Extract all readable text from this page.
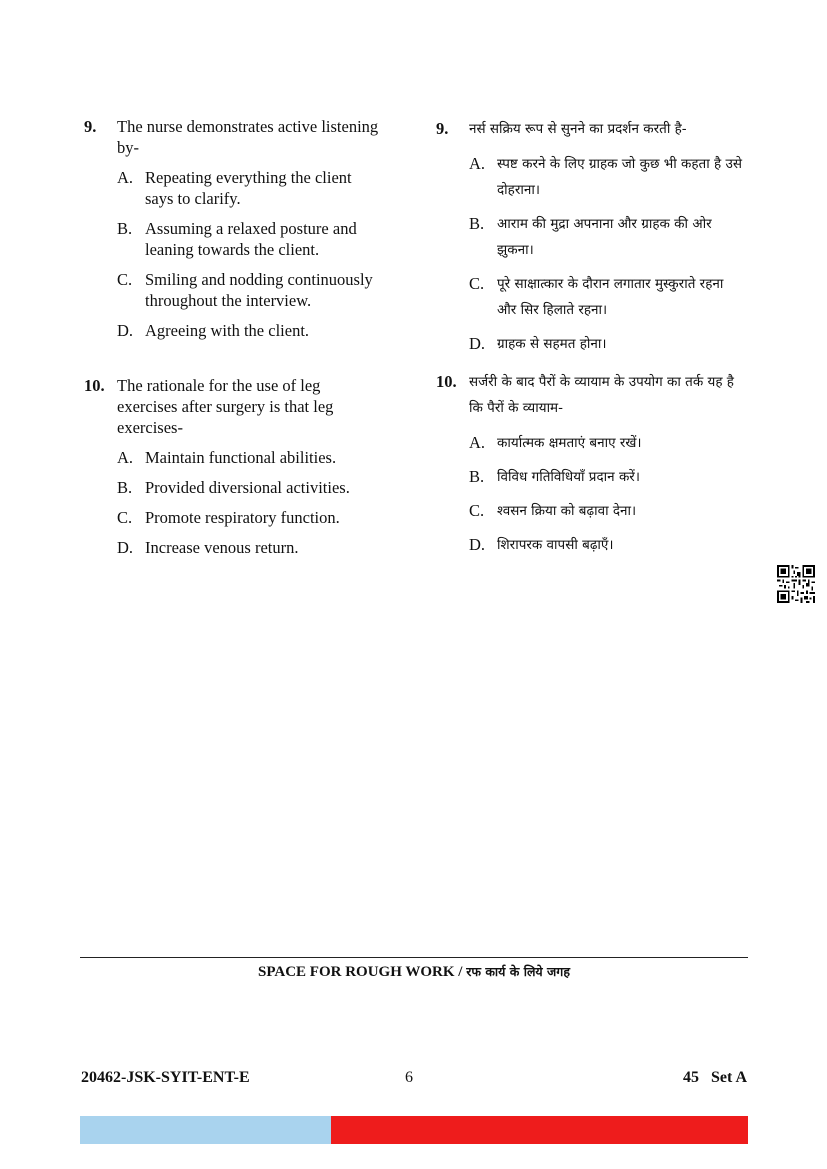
9. The nurse demonstrates active listening by-
A. Repeating everything the client says to clarify.
B. Assuming a relaxed posture and leaning towards the client.
C. Smiling and nodding continuously throughout the interview.
D. Agreeing with the client.
10. The rationale for the use of leg exercises after surgery is that leg exercises-
A. Maintain functional abilities.
B. Provided diversional activities.
C. Promote respiratory function.
D. Increase venous return.
9. नर्स सक्रिय रूप से सुनने का प्रदर्शन करती है-
A. स्पष्ट करने के लिए ग्राहक जो कुछ भी कहता है उसे दोहराना।
B. आराम की मुद्रा अपनाना और ग्राहक की ओर झुकना।
C. पूरे साक्षात्कार के दौरान लगातार मुस्कुराते रहना और सिर हिलाते रहना।
D. ग्राहक से सहमत होना।
10. सर्जरी के बाद पैरों के व्यायाम के उपयोग का तर्क यह है कि पैरों के व्यायाम-
A. कार्यात्मक क्षमताएं बनाए रखें।
B. विविध गतिविधियाँ प्रदान करें।
C. श्वसन क्रिया को बढ़ावा देना।
D. शिरापरक वापसी बढ़ाएँ।
SPACE FOR ROUGH WORK / रफ कार्य के लिये जगह
20462-JSK-SYIT-ENT-E	6	45 Set A
